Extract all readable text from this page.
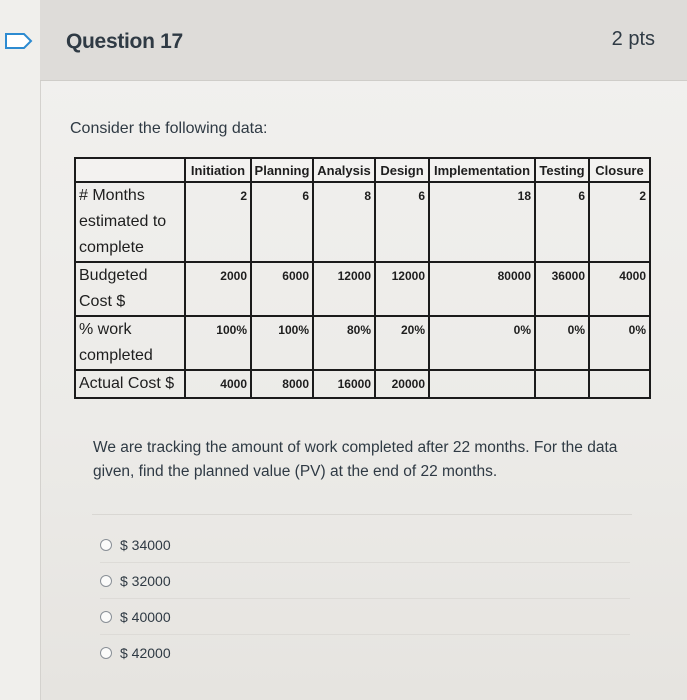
Question 17	2 pts
Consider the following data:
	Initiation	Planning	Analysis	Design	Implementation	Testing	Closure
# Months estimated to complete	2	6	8	6	18	6	2
Budgeted Cost $	2000	6000	12000	12000	80000	36000	4000
% work completed	100%	100%	80%	20%	0%	0%	0%
Actual Cost $	4000	8000	16000	20000			
We are tracking the amount of work completed after 22 months. For the data given, find the planned value (PV) at the end of 22 months.
$ 34000
$ 32000
$ 40000
$ 42000
